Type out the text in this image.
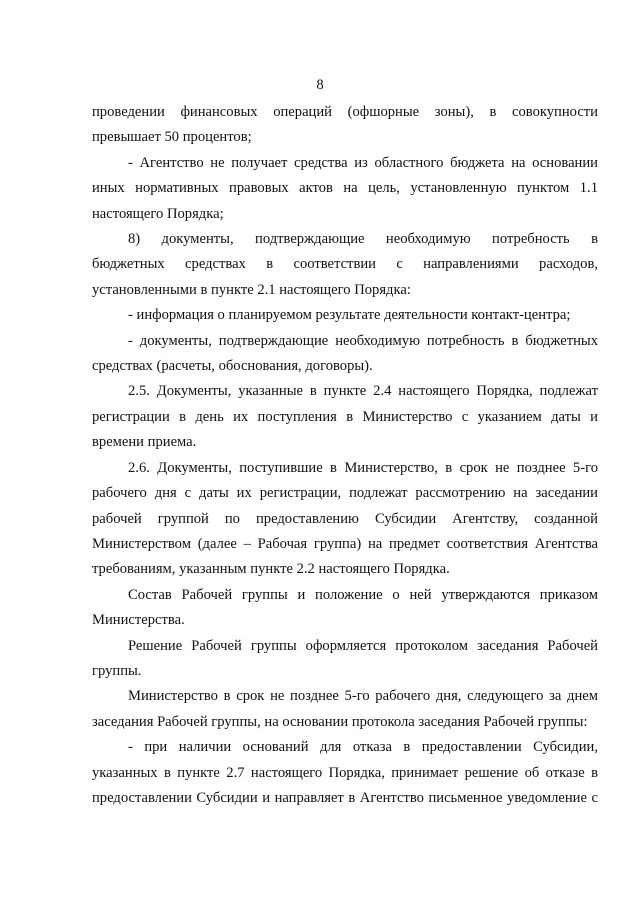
8
проведении финансовых операций (офшорные зоны), в совокупности
превышает 50 процентов;
- Агентство не получает средства из областного бюджета на основании
иных нормативных правовых актов на цель, установленную пунктом 1.1
настоящего Порядка;
8) документы, подтверждающие необходимую потребность в
бюджетных средствах в соответствии с направлениями расходов,
установленными в пункте 2.1 настоящего Порядка:
- информация о планируемом результате деятельности контакт-центра;
- документы, подтверждающие необходимую потребность в бюджетных
средствах (расчеты, обоснования, договоры).
2.5. Документы, указанные в пункте 2.4 настоящего Порядка, подлежат
регистрации в день их поступления в Министерство с указанием даты и
времени приема.
2.6. Документы, поступившие в Министерство, в срок не позднее 5-го
рабочего дня с даты их регистрации, подлежат рассмотрению на заседании
рабочей группой по предоставлению Субсидии Агентству, созданной
Министерством (далее – Рабочая группа) на предмет соответствия Агентства
требованиям, указанным пункте 2.2 настоящего Порядка.
Состав Рабочей группы и положение о ней утверждаются приказом
Министерства.
Решение Рабочей группы оформляется протоколом заседания Рабочей
группы.
Министерство в срок не позднее 5-го рабочего дня, следующего за днем
заседания Рабочей группы, на основании протокола заседания Рабочей группы:
- при наличии оснований для отказа в предоставлении Субсидии,
указанных в пункте 2.7 настоящего Порядка, принимает решение об отказе в
предоставлении Субсидии и направляет в Агентство письменное уведомление с
